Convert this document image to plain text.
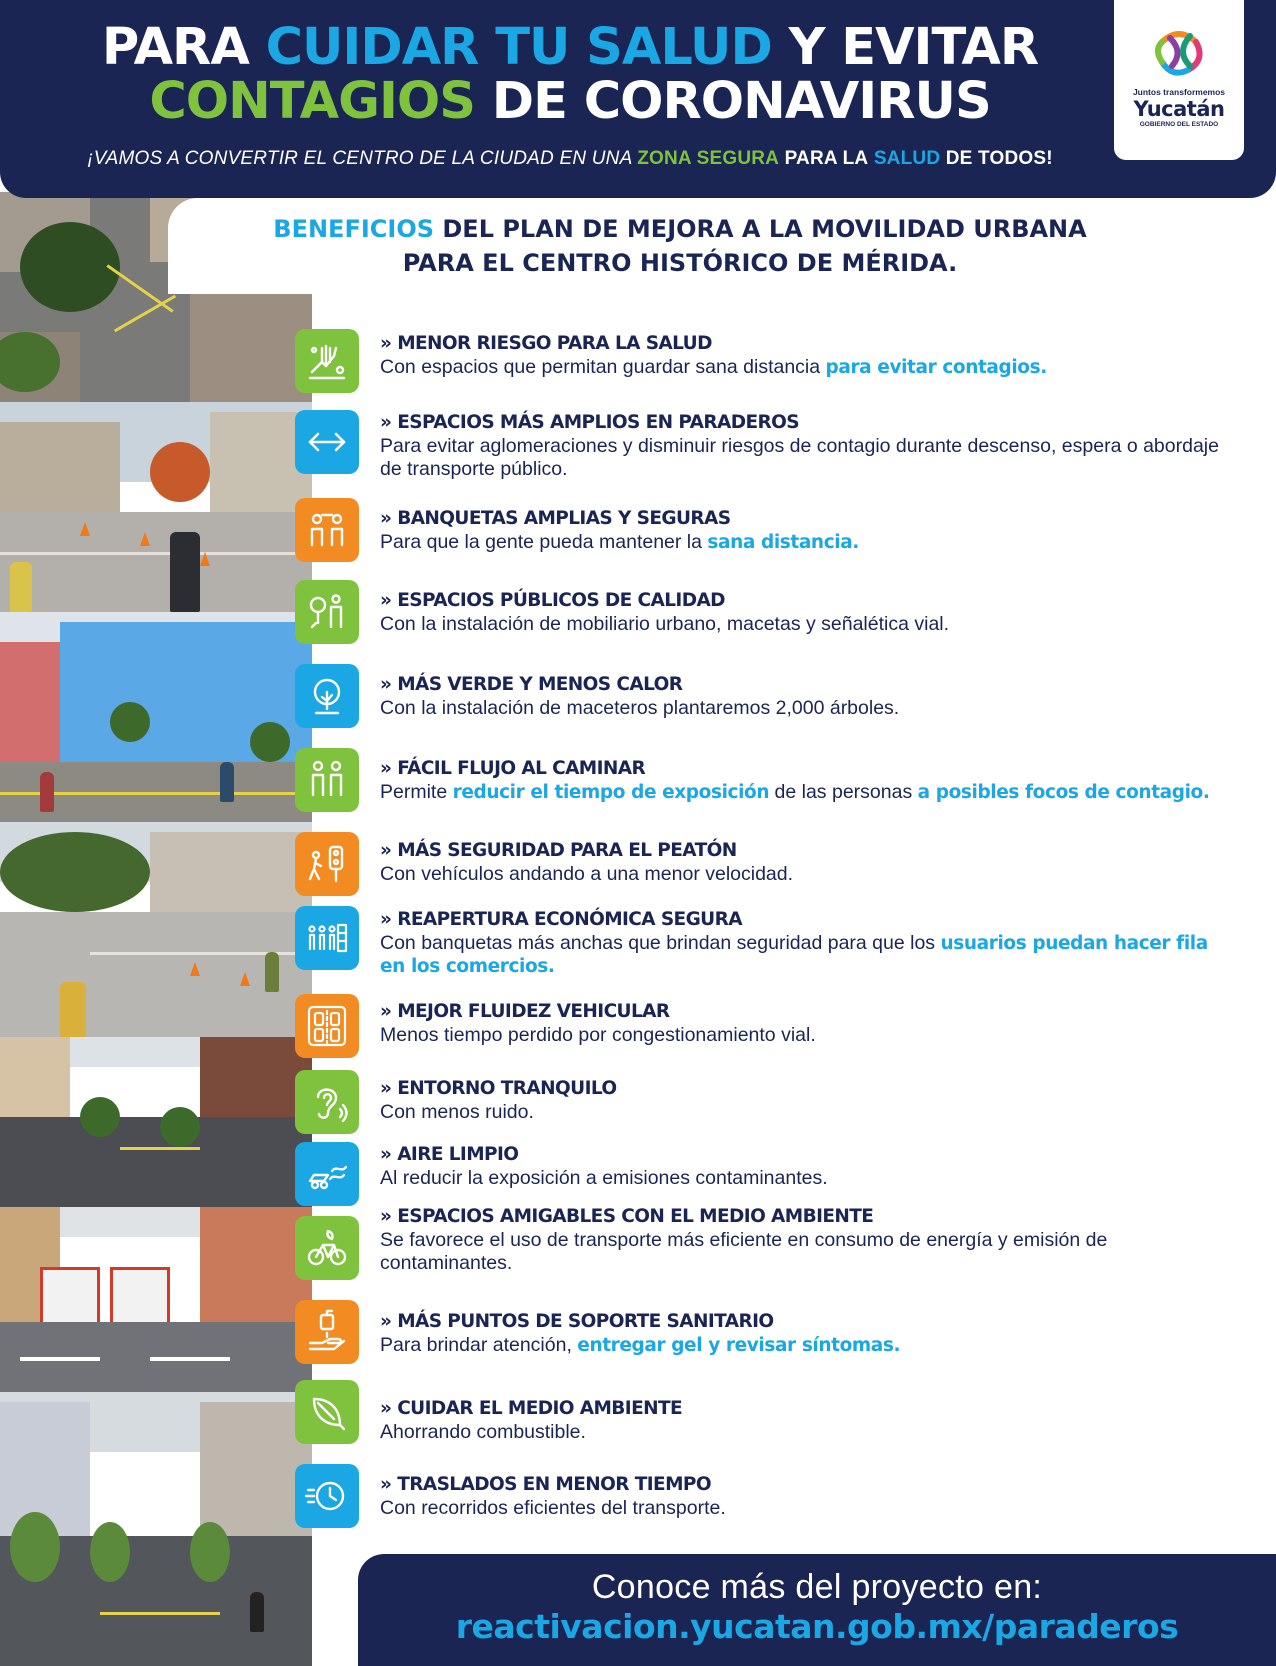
PARA CUIDAR TU SALUD Y EVITAR
CONTAGIOS DE CORONAVIRUS
¡VAMOS A CONVERTIR EL CENTRO DE LA CIUDAD EN UNA ZONA SEGURA PARA LA SALUD DE TODOS!
Juntos transformemos
Yucatán
GOBIERNO DEL ESTADO
BENEFICIOS DEL PLAN DE MEJORA A LA MOVILIDAD URBANA
PARA EL CENTRO HISTÓRICO DE MÉRIDA.
» MENOR RIESGO PARA LA SALUD
Con espacios que permitan guardar sana distancia para evitar contagios.
» ESPACIOS MÁS AMPLIOS EN PARADEROS
Para evitar aglomeraciones y disminuir riesgos de contagio durante descenso, espera o abordaje de transporte público.
» BANQUETAS AMPLIAS Y SEGURAS
Para que la gente pueda mantener la sana distancia.
» ESPACIOS PÚBLICOS DE CALIDAD
Con la instalación de mobiliario urbano, macetas y señalética vial.
» MÁS VERDE Y MENOS CALOR
Con la instalación de maceteros plantaremos 2,000 árboles.
» FÁCIL FLUJO AL CAMINAR
Permite reducir el tiempo de exposición de las personas a posibles focos de contagio.
» MÁS SEGURIDAD PARA EL PEATÓN
Con vehículos andando a una menor velocidad.
» REAPERTURA ECONÓMICA SEGURA
Con banquetas más anchas que brindan seguridad para que los usuarios puedan hacer fila en los comercios.
» MEJOR FLUIDEZ VEHICULAR
Menos tiempo perdido por congestionamiento vial.
» ENTORNO TRANQUILO
Con menos ruido.
» AIRE LIMPIO
Al reducir la exposición a emisiones contaminantes.
» ESPACIOS AMIGABLES CON EL MEDIO AMBIENTE
Se favorece el uso de transporte más eficiente en consumo de energía y emisión de contaminantes.
» MÁS PUNTOS DE SOPORTE SANITARIO
Para brindar atención, entregar gel y revisar síntomas.
» CUIDAR EL MEDIO AMBIENTE
Ahorrando combustible.
» TRASLADOS EN MENOR TIEMPO
Con recorridos eficientes del transporte.
Conoce más del proyecto en:
reactivacion.yucatan.gob.mx/paraderos
